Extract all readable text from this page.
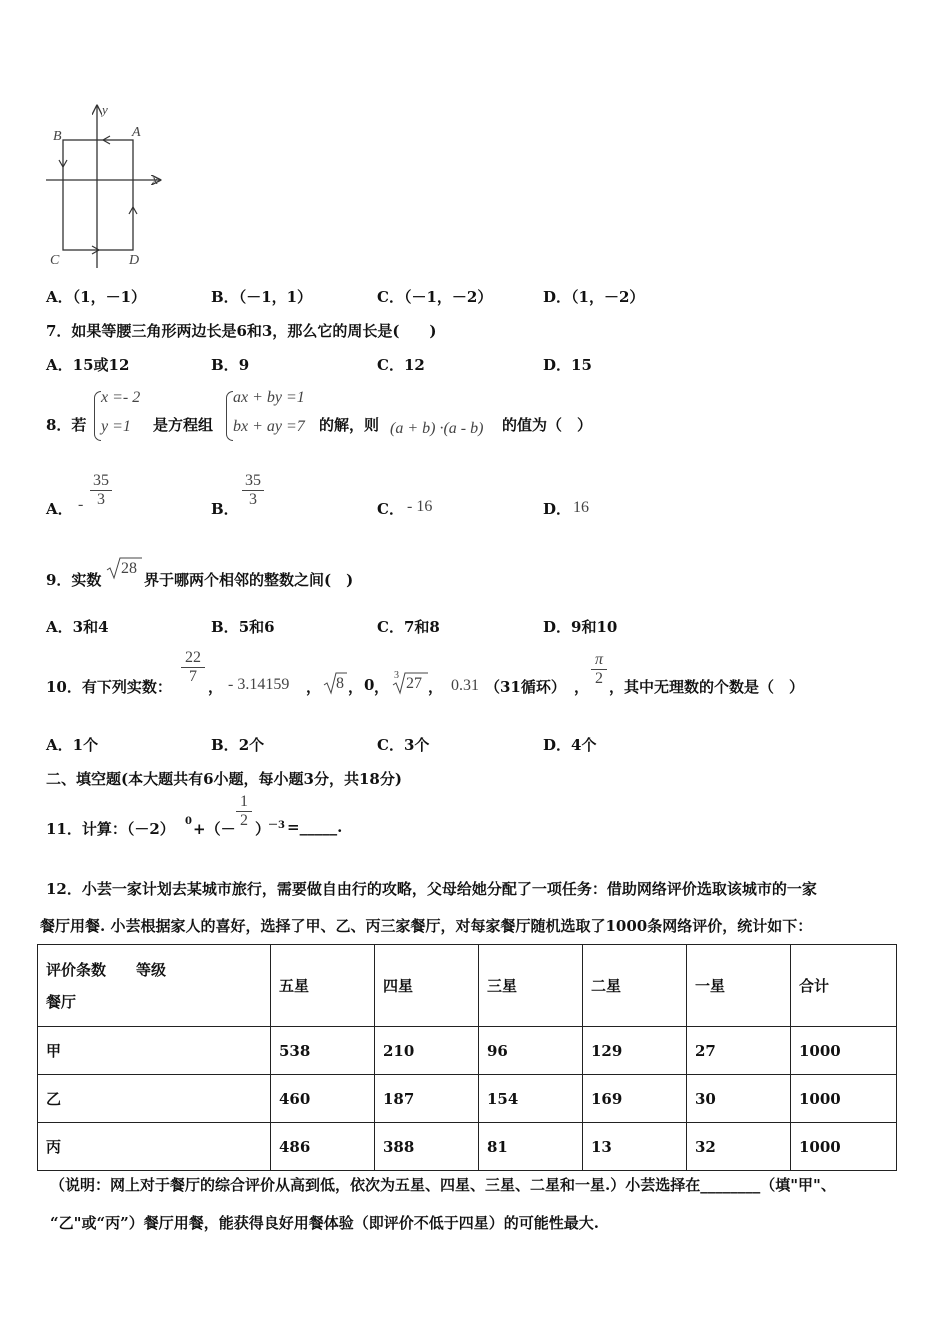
y
x
A
B
C	D
A．（1，－1）	B．（－1，1）	C．（－1，－2）	D．（1，－2）
7．如果等腰三角形两边长是6和3，那么它的周长是(　　)
A．15或12	B．9	C．12	D．15
8．若
x =- 2
y =1 是方程组
ax + by =1
bx + ay =7 的解，则 (a + b) ·(a - b) 的值为（　）
A． -
35
3
B．
35
3
C． - 16	D． 16
9．实数
28
界于哪两个相邻的整数之间(　)
A．3和4	B．5和6	C．7和8	D．9和10
10．有下列实数：
22
7
， - 3.14159 ， 8 ， 0 ，
3 27 ， 0.31 （31循环） ，
π
2 ，其中无理数的个数是（　）
A．1个	B．2个	C．3个	D．4个
二、填空题(本大题共有6小题，每小题3分，共18分)
11．计算：（－2） 0 +（－
1
2 ）
－3 =_____.
12．小芸一家计划去某城市旅行，需要做自由行的攻略，父母给她分配了一项任务：借助网络评价选取该城市的一家
餐厅用餐. 小芸根据家人的喜好，选择了甲、乙、丙三家餐厅，对每家餐厅随机选取了1000条网络评价，统计如下：
评价条数　　等级
餐厅	五星	四星	三星	二星	一星	合计
甲	538	210	96	129	27	1000
乙	460	187	154	169	30	1000
丙	486	388	81	13	32	1000
（说明：网上对于餐厅的综合评价从高到低，依次为五星、四星、三星、二星和一星.）小芸选择在________（填"甲"、
“乙"或“丙”）餐厅用餐，能获得良好用餐体验（即评价不低于四星）的可能性最大.
